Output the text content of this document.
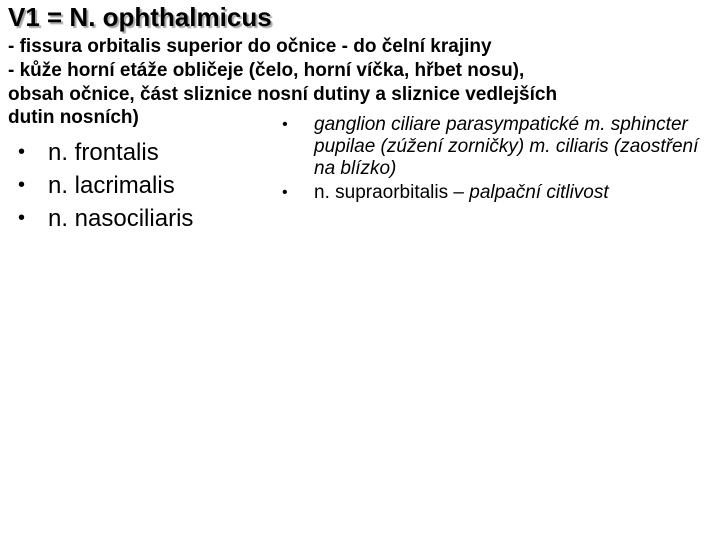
V1 = N. ophthalmicus
- fissura orbitalis superior do očnice - do čelní krajiny
- kůže horní etáže obličeje (čelo, horní víčka, hřbet nosu),
obsah očnice, část sliznice nosní dutiny a sliznice vedlejších
dutin nosních)
• n. frontalis
• n. lacrimalis
• n. nasociliaris
• ganglion ciliare parasympatické m. sphincter pupilae (zúžení zorničky) m. ciliaris (zaostření na blízko)
• n. supraorbitalis – palpační citlivost
